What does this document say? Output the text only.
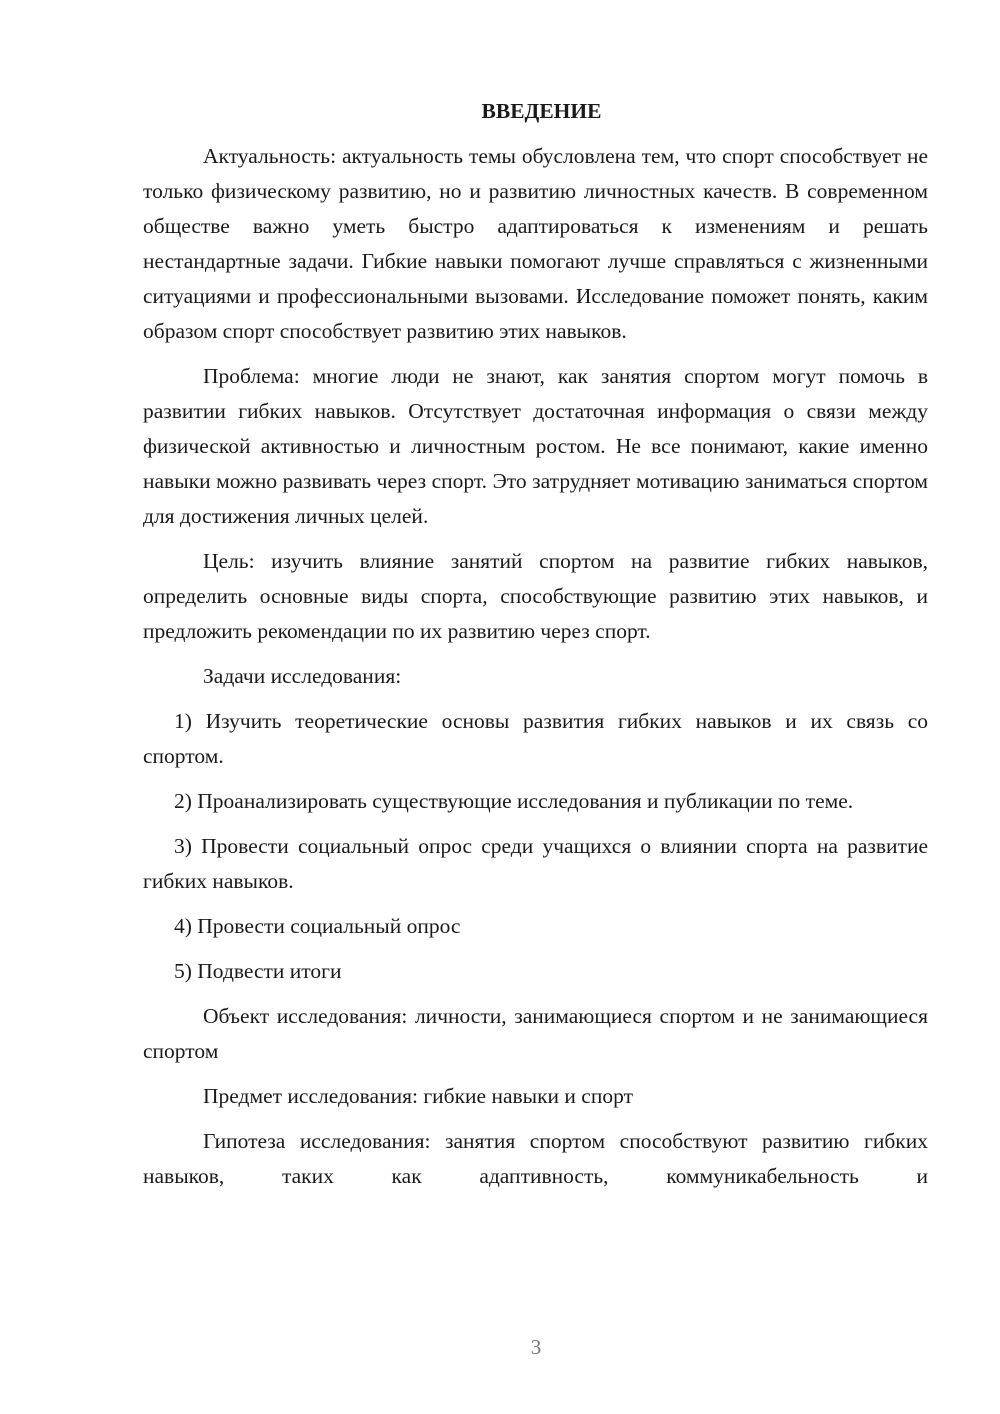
ВВЕДЕНИЕ

Актуальность: актуальность темы обусловлена тем, что спорт способствует не только физическому развитию, но и развитию личностных качеств. В современном обществе важно уметь быстро адаптироваться к изменениям и решать нестандартные задачи. Гибкие навыки помогают лучше справляться с жизненными ситуациями и профессиональными вызовами. Исследование поможет понять, каким образом спорт способствует развитию этих навыков.

Проблема: многие люди не знают, как занятия спортом могут помочь в развитии гибких навыков. Отсутствует достаточная информация о связи между физической активностью и личностным ростом. Не все понимают, какие именно навыки можно развивать через спорт. Это затрудняет мотивацию заниматься спортом для достижения личных целей.

Цель: изучить влияние занятий спортом на развитие гибких навыков, определить основные виды спорта, способствующие развитию этих навыков, и предложить рекомендации по их развитию через спорт.

Задачи исследования:

1) Изучить теоретические основы развития гибких навыков и их связь со спортом.

2) Проанализировать существующие исследования и публикации по теме.

3) Провести социальный опрос среди учащихся о влиянии спорта на развитие гибких навыков.

4) Провести социальный опрос

5) Подвести итоги

Объект исследования: личности, занимающиеся спортом и не занимающиеся спортом

Предмет исследования: гибкие навыки и спорт

Гипотеза исследования: занятия спортом способствуют развитию гибких навыков, таких как адаптивность, коммуникабельность и

3
